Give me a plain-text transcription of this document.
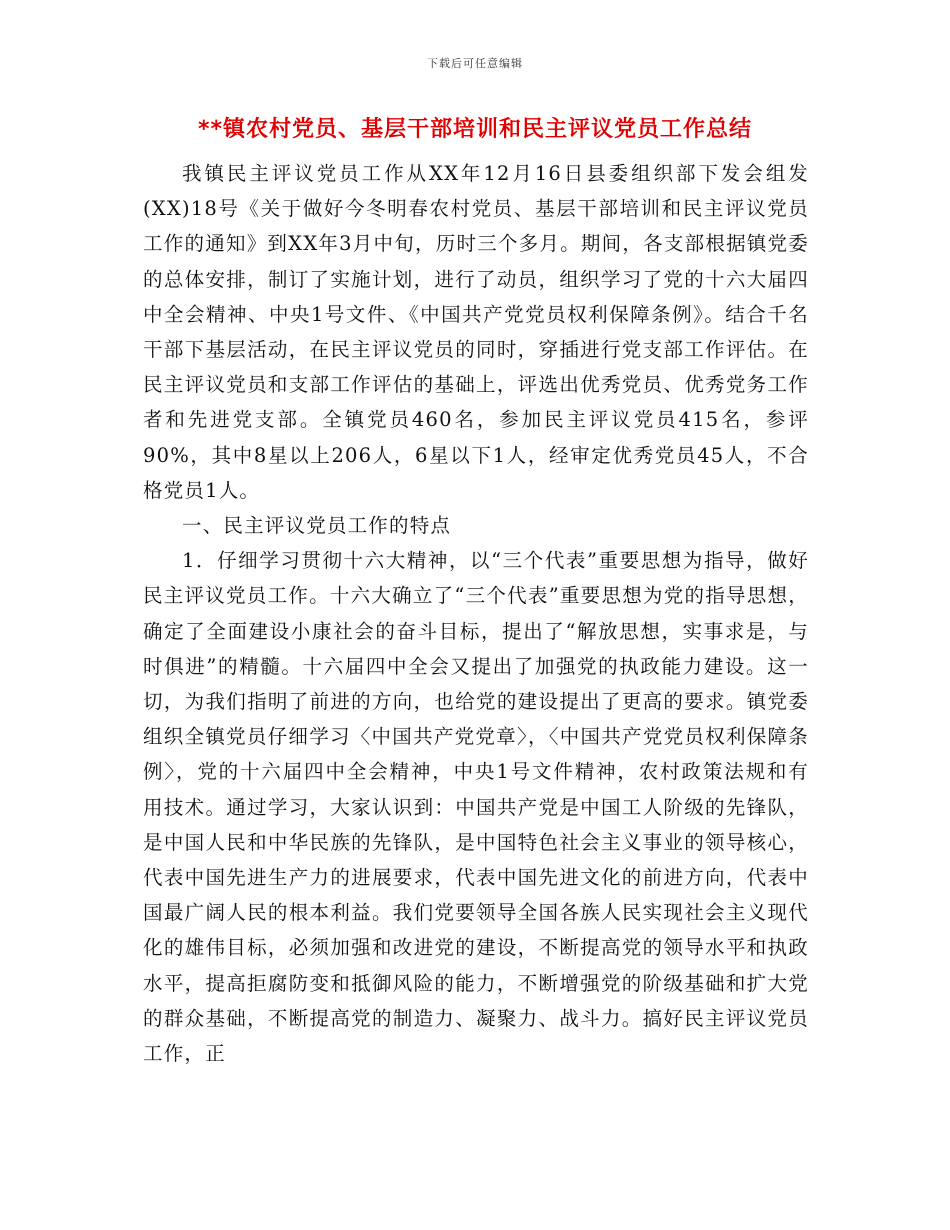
下载后可任意编辑
**镇农村党员、基层干部培训和民主评议党员工作总结

我镇民主评议党员工作从XX年12月16日县委组织部下发会组发(XX)18号《关于做好今冬明春农村党员、基层干部培训和民主评议党员工作的通知》到XX年3月中旬，历时三个多月。期间，各支部根据镇党委的总体安排，制订了实施计划，进行了动员，组织学习了党的十六大届四中全会精神、中央1号文件、《中国共产党党员权利保障条例》。结合千名干部下基层活动，在民主评议党员的同时，穿插进行党支部工作评估。在民主评议党员和支部工作评估的基础上，评选出优秀党员、优秀党务工作者和先进党支部。全镇党员460名，参加民主评议党员415名，参评90%，其中8星以上206人，6星以下1人，经审定优秀党员45人，不合格党员1人。

一、民主评议党员工作的特点

1．仔细学习贯彻十六大精神，以“三个代表”重要思想为指导，做好民主评议党员工作。十六大确立了“三个代表”重要思想为党的指导思想，确定了全面建设小康社会的奋斗目标，提出了“解放思想，实事求是，与时俱进”的精髓。十六届四中全会又提出了加强党的执政能力建设。这一切，为我们指明了前进的方向，也给党的建设提出了更高的要求。镇党委组织全镇党员仔细学习〈中国共产党党章〉，〈中国共产党党员权利保障条例〉，党的十六届四中全会精神，中央1号文件精神，农村政策法规和有用技术。通过学习，大家认识到：中国共产党是中国工人阶级的先锋队，是中国人民和中华民族的先锋队，是中国特色社会主义事业的领导核心，代表中国先进生产力的进展要求，代表中国先进文化的前进方向，代表中国最广阔人民的根本利益。我们党要领导全国各族人民实现社会主义现代化的雄伟目标，必须加强和改进党的建设，不断提高党的领导水平和执政水平，提高拒腐防变和抵御风险的能力，不断增强党的阶级基础和扩大党的群众基础，不断提高党的制造力、凝聚力、战斗力。搞好民主评议党员工作，正
